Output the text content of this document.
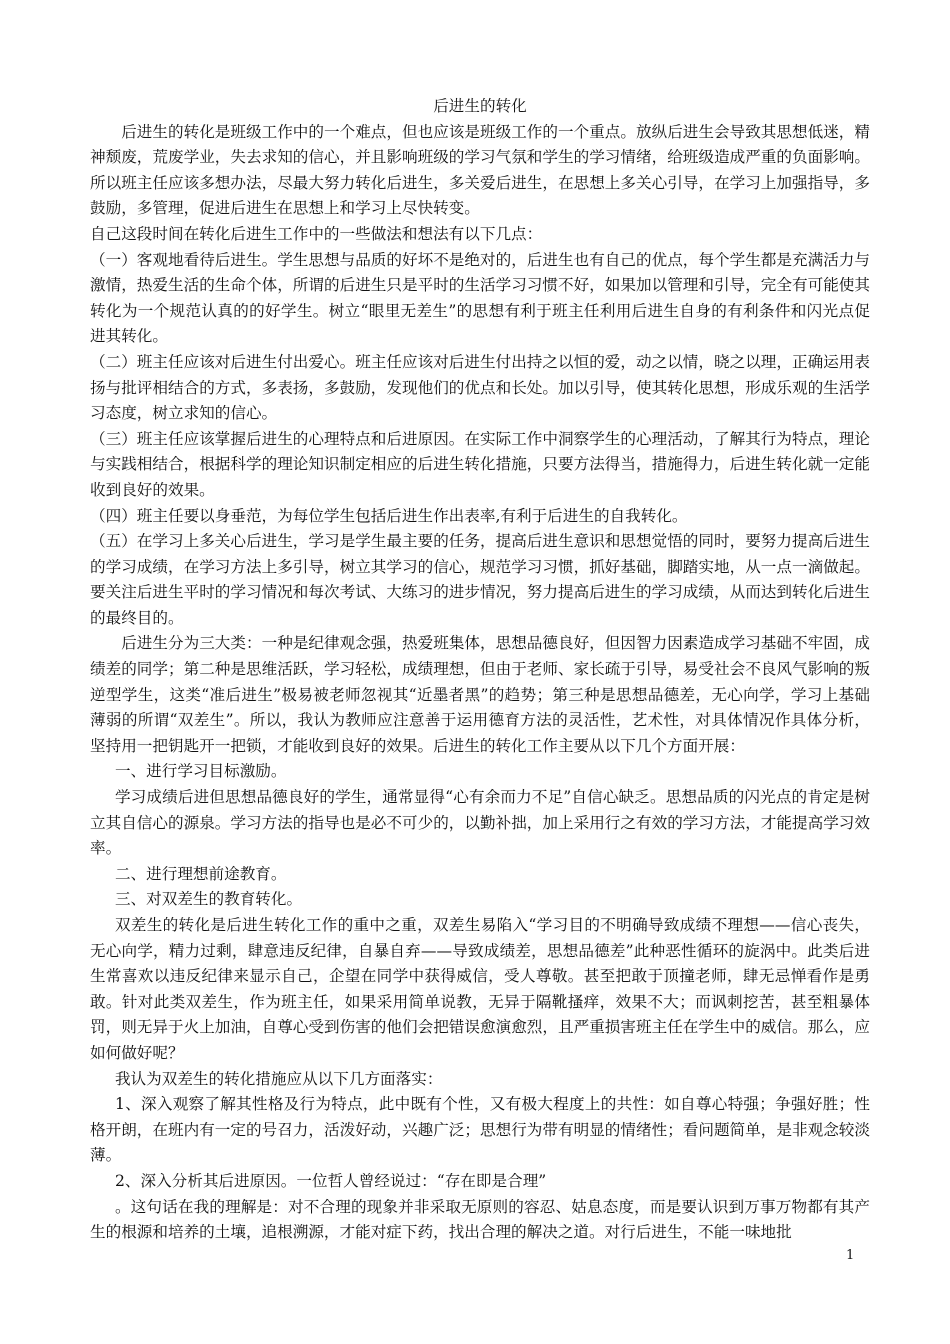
后进生的转化

后进生的转化是班级工作中的一个难点，但也应该是班级工作的一个重点。放纵后进生会导致其思想低迷，精神颓废，荒废学业，失去求知的信心，并且影响班级的学习气氛和学生的学习情绪，给班级造成严重的负面影响。所以班主任应该多想办法，尽最大努力转化后进生，多关爱后进生，在思想上多关心引导，在学习上加强指导，多鼓励，多管理，促进后进生在思想上和学习上尽快转变。

自己这段时间在转化后进生工作中的一些做法和想法有以下几点：

（一）客观地看待后进生。学生思想与品质的好坏不是绝对的，后进生也有自己的优点，每个学生都是充满活力与激情，热爱生活的生命个体，所谓的后进生只是平时的生活学习习惯不好，如果加以管理和引导，完全有可能使其转化为一个规范认真的的好学生。树立“眼里无差生”的思想有利于班主任利用后进生自身的有利条件和闪光点促进其转化。

（二）班主任应该对后进生付出爱心。班主任应该对后进生付出持之以恒的爱，动之以情，晓之以理，正确运用表扬与批评相结合的方式，多表扬，多鼓励，发现他们的优点和长处。加以引导，使其转化思想，形成乐观的生活学习态度，树立求知的信心。

（三）班主任应该掌握后进生的心理特点和后进原因。在实际工作中洞察学生的心理活动，了解其行为特点，理论与实践相结合，根据科学的理论知识制定相应的后进生转化措施，只要方法得当，措施得力，后进生转化就一定能收到良好的效果。

（四）班主任要以身垂范，为每位学生包括后进生作出表率,有利于后进生的自我转化。

（五）在学习上多关心后进生，学习是学生最主要的任务，提高后进生意识和思想觉悟的同时，要努力提高后进生的学习成绩，在学习方法上多引导，树立其学习的信心，规范学习习惯，抓好基础，脚踏实地，从一点一滴做起。要关注后进生平时的学习情况和每次考试、大练习的进步情况，努力提高后进生的学习成绩，从而达到转化后进生的最终目的。

后进生分为三大类：一种是纪律观念强，热爱班集体，思想品德良好，但因智力因素造成学习基础不牢固，成绩差的同学；第二种是思维活跃，学习轻松，成绩理想，但由于老师、家长疏于引导，易受社会不良风气影响的叛逆型学生，这类“准后进生”极易被老师忽视其“近墨者黑”的趋势；第三种是思想品德差，无心向学，学习上基础薄弱的所谓“双差生”。所以，我认为教师应注意善于运用德育方法的灵活性，艺术性，对具体情况作具体分析，坚持用一把钥匙开一把锁，才能收到良好的效果。后进生的转化工作主要从以下几个方面开展：

一、进行学习目标激励。

学习成绩后进但思想品德良好的学生，通常显得“心有余而力不足”自信心缺乏。思想品质的闪光点的肯定是树立其自信心的源泉。学习方法的指导也是必不可少的，以勤补拙，加上采用行之有效的学习方法，才能提高学习效率。

二、进行理想前途教育。

三、对双差生的教育转化。

双差生的转化是后进生转化工作的重中之重，双差生易陷入“学习目的不明确导致成绩不理想——信心丧失，无心向学，精力过剩，肆意违反纪律，自暴自弃——导致成绩差，思想品德差”此种恶性循环的旋涡中。此类后进生常喜欢以违反纪律来显示自己，企望在同学中获得威信，受人尊敬。甚至把敢于顶撞老师，肆无忌惮看作是勇敢。针对此类双差生，作为班主任，如果采用简单说教，无异于隔靴搔痒，效果不大；而讽刺挖苦，甚至粗暴体罚，则无异于火上加油，自尊心受到伤害的他们会把错误愈演愈烈，且严重损害班主任在学生中的威信。那么，应如何做好呢？

我认为双差生的转化措施应从以下几方面落实：

1、深入观察了解其性格及行为特点，此中既有个性，又有极大程度上的共性：如自尊心特强；争强好胜；性格开朗，在班内有一定的号召力，活泼好动，兴趣广泛；思想行为带有明显的情绪性；看问题简单，是非观念较淡薄。

2、深入分析其后进原因。一位哲人曾经说过：“存在即是合理”

。这句话在我的理解是：对不合理的现象并非采取无原则的容忍、姑息态度，而是要认识到万事万物都有其产生的根源和培养的土壤，追根溯源，才能对症下药，找出合理的解决之道。对行后进生，不能一味地批

1
